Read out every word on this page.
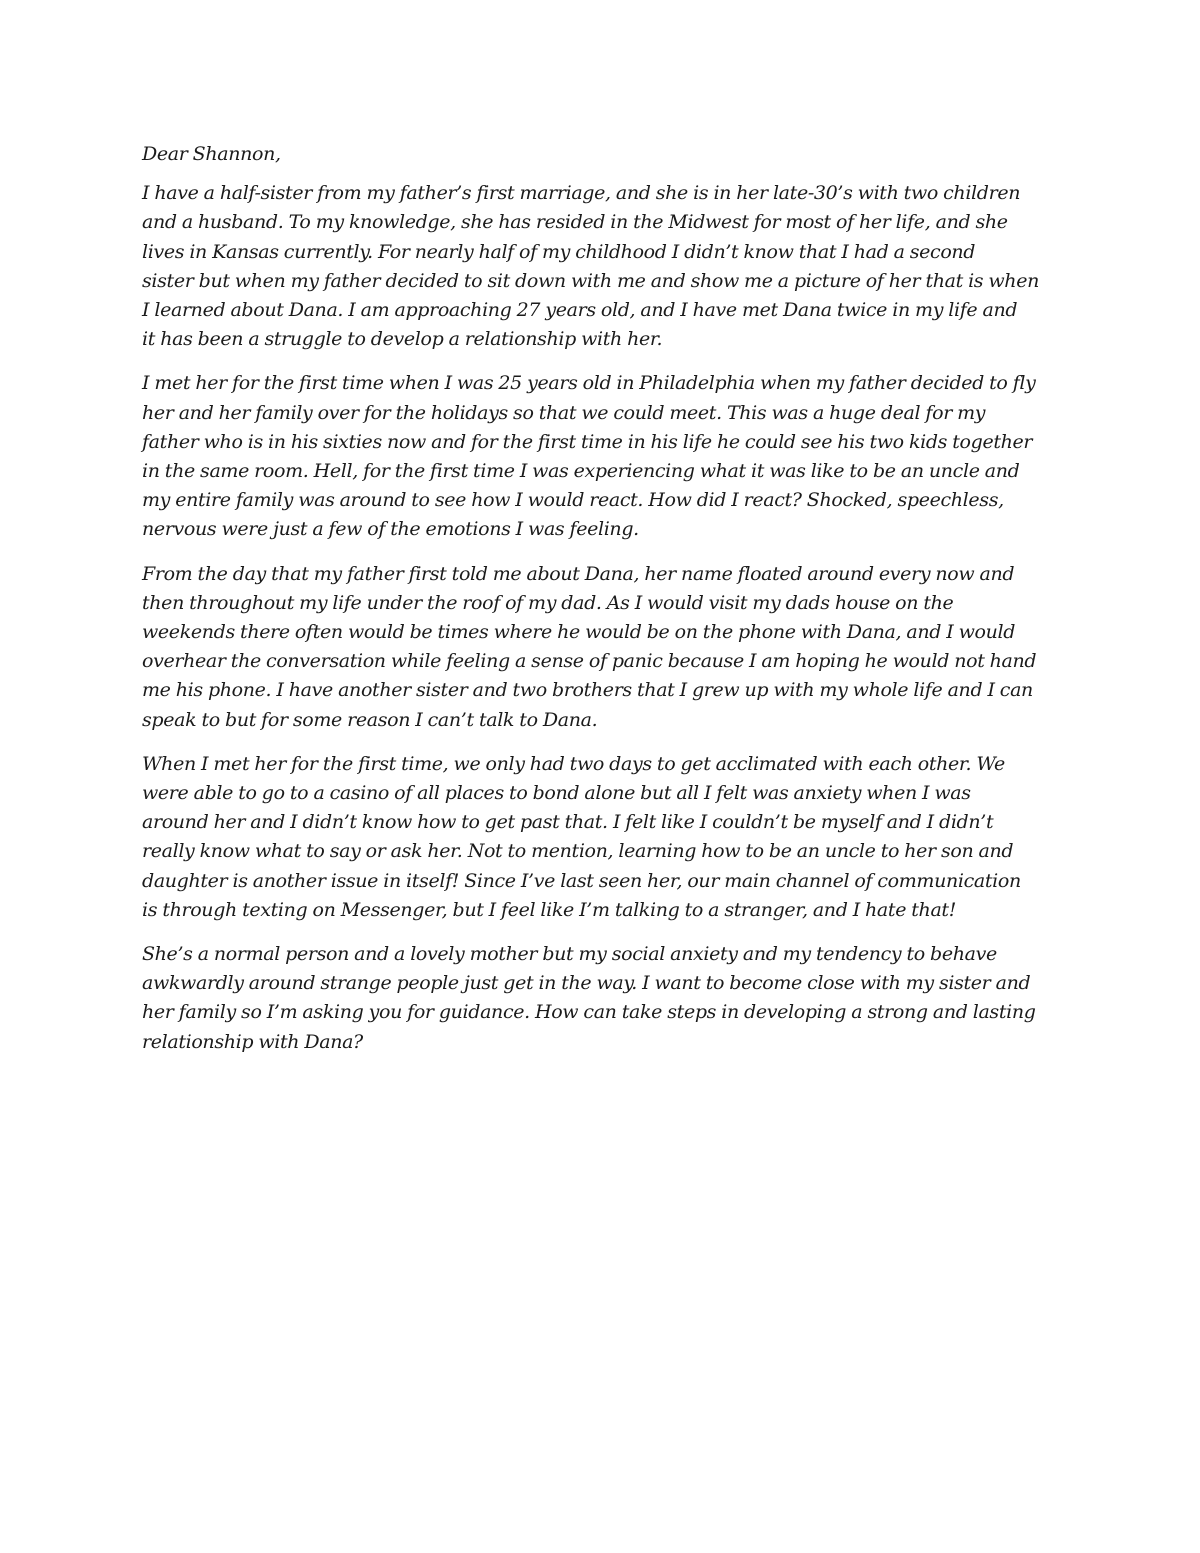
Dear Shannon,

I have a half-sister from my father’s first marriage, and she is in her late-30’s with two children
and a husband. To my knowledge, she has resided in the Midwest for most of her life, and she
lives in Kansas currently. For nearly half of my childhood I didn’t know that I had a second
sister but when my father decided to sit down with me and show me a picture of her that is when
I learned about Dana. I am approaching 27 years old, and I have met Dana twice in my life and
it has been a struggle to develop a relationship with her.

I met her for the first time when I was 25 years old in Philadelphia when my father decided to fly
her and her family over for the holidays so that we could meet. This was a huge deal for my
father who is in his sixties now and for the first time in his life he could see his two kids together
in the same room. Hell, for the first time I was experiencing what it was like to be an uncle and
my entire family was around to see how I would react. How did I react? Shocked, speechless,
nervous were just a few of the emotions I was feeling.

From the day that my father first told me about Dana, her name floated around every now and
then throughout my life under the roof of my dad. As I would visit my dads house on the
weekends there often would be times where he would be on the phone with Dana, and I would
overhear the conversation while feeling a sense of panic because I am hoping he would not hand
me his phone. I have another sister and two brothers that I grew up with my whole life and I can
speak to but for some reason I can’t talk to Dana.

When I met her for the first time, we only had two days to get acclimated with each other. We
were able to go to a casino of all places to bond alone but all I felt was anxiety when I was
around her and I didn’t know how to get past that. I felt like I couldn’t be myself and I didn’t
really know what to say or ask her. Not to mention, learning how to be an uncle to her son and
daughter is another issue in itself! Since I’ve last seen her, our main channel of communication
is through texting on Messenger, but I feel like I’m talking to a stranger, and I hate that!

She’s a normal person and a lovely mother but my social anxiety and my tendency to behave
awkwardly around strange people just get in the way. I want to become close with my sister and
her family so I’m asking you for guidance. How can take steps in developing a strong and lasting
relationship with Dana?
